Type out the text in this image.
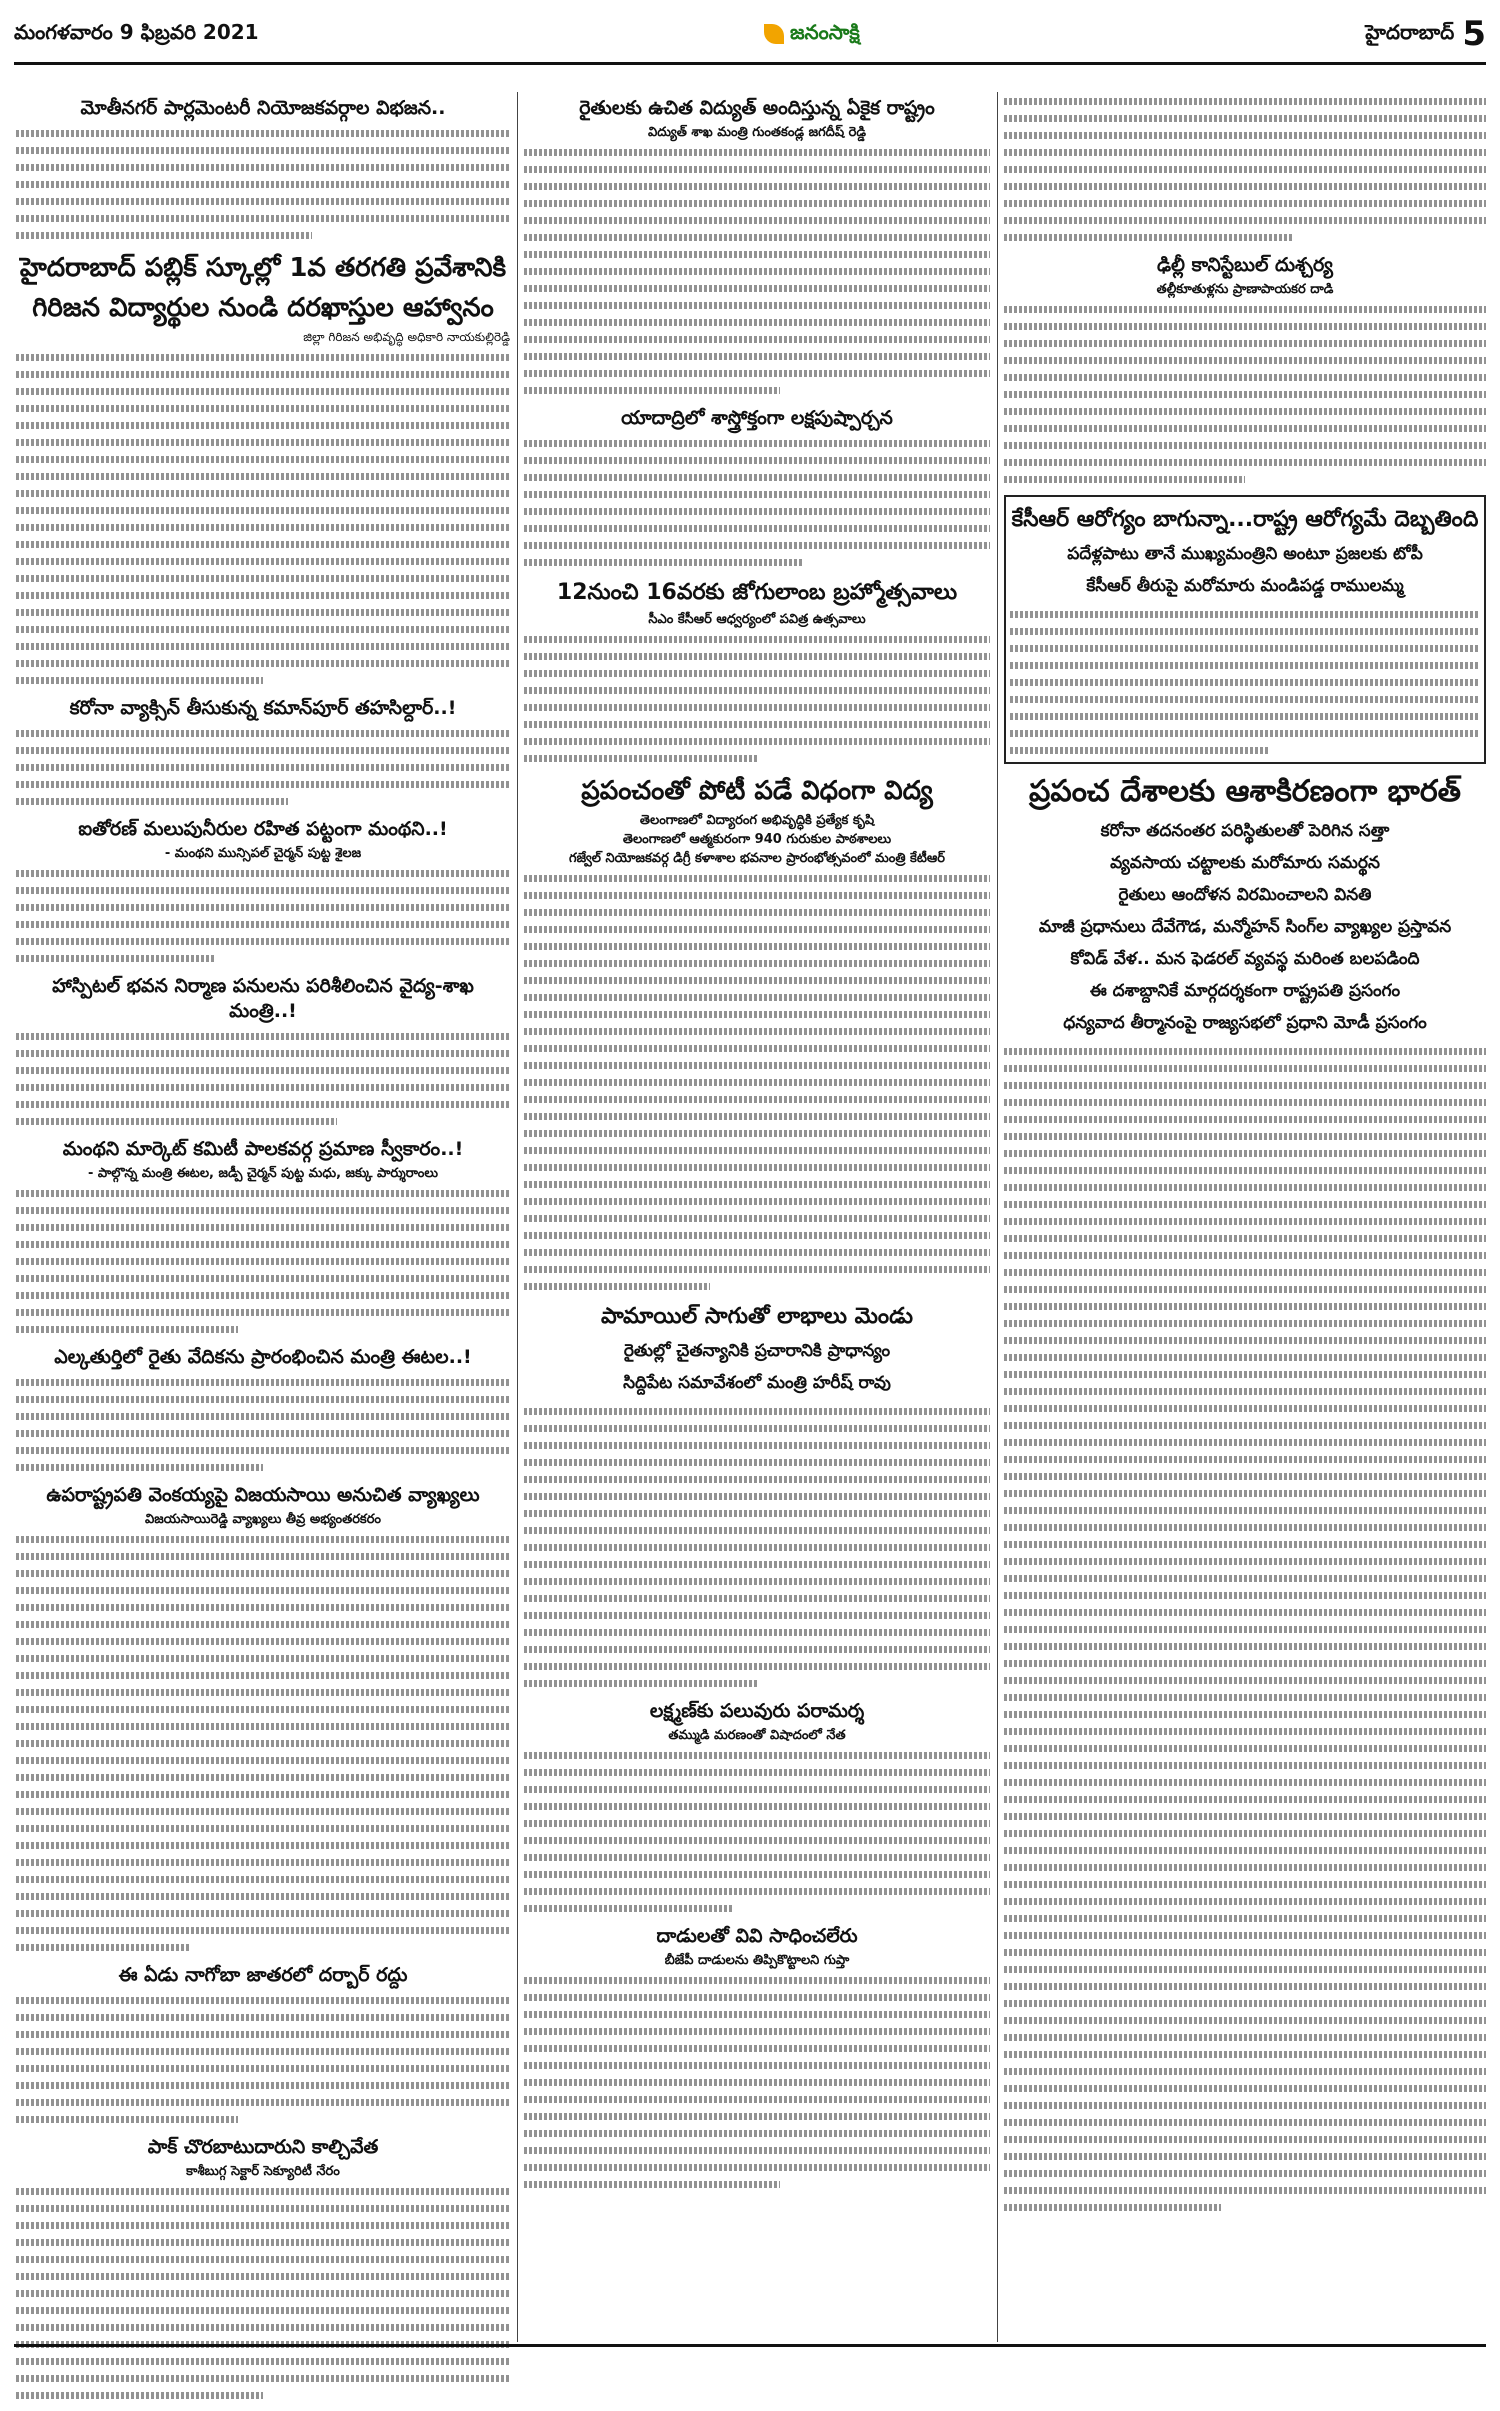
మంగళవారం 9 ఫిబ్రవరి 2021	జనంసాక్షి	హైదరాబాద్ 5
మోతీనగర్ పార్లమెంటరీ నియోజకవర్గాల విభజన..
హైదరాబాద్ పబ్లిక్ స్కూల్లో 1వ తరగతి ప్రవేశానికి
గిరిజన విద్యార్థుల నుండి దరఖాస్తుల ఆహ్వానం
జిల్లా గిరిజన అభివృద్ధి అధికారి నాయకుల్లిరెడ్డి
కరోనా వ్యాక్సిన్ తీసుకున్న కమాన్‌పూర్ తహసిల్దార్..!
ఐతోరణ్ మలుపునీరుల రహిత పట్టంగా మంథని..!
- మంథని మున్సిపల్ చైర్మన్ పుట్ట శైలజ
హాస్పిటల్ భవన నిర్మాణ పనులను పరిశీలించిన వైద్య-శాఖ మంత్రి..!
మంథని మార్కెట్ కమిటీ పాలకవర్గ ప్రమాణ స్వీకారం..!
- పాల్గొన్న మంత్రి ఈటల, జడ్పీ చైర్మన్ పుట్ట మధు, జక్కు పార్శురాంలు
ఎల్కతుర్తిలో రైతు వేదికను ప్రారంభించిన మంత్రి ఈటల..!
ఉపరాష్ట్రపతి వెంకయ్యపై విజయసాయి అనుచిత వ్యాఖ్యలు
విజయసాయిరెడ్డి వ్యాఖ్యలు తీవ్ర అభ్యంతరకరం
ఈ ఏడు నాగోబా జాతరలో దర్బార్ రద్దు
పాక్ చొరబాటుదారుని కాల్చివేత
కాశీబుగ్గ సెక్టార్ సెక్యూరిటీ నేరం
రైతులకు ఉచిత విద్యుత్ అందిస్తున్న ఏకైక రాష్ట్రం
విద్యుత్ శాఖ మంత్రి గుంతకండ్ల జగదీష్ రెడ్డి
యాదాద్రిలో శాస్త్రోక్తంగా లక్షపుష్పార్చన
12నుంచి 16వరకు జోగులాంబ బ్రహ్మోత్సవాలు
సీఎం కేసీఆర్ ఆధ్వర్యంలో పవిత్ర ఉత్సవాలు
ప్రపంచంతో పోటీ పడే విధంగా విద్య
తెలంగాణలో విద్యారంగ అభివృద్ధికి ప్రత్యేక కృషి
తెలంగాణలో ఆత్మకురంగా 940 గురుకుల పాఠశాలలు
గజ్వేల్ నియోజకవర్గ డిగ్రీ కళాశాల భవనాల ప్రారంభోత్సవంలో మంత్రి కేటీఆర్
పామాయిల్ సాగుతో లాభాలు మెండు
రైతుల్లో చైతన్యానికి ప్రచారానికి ప్రాధాన్యం
సిద్దిపేట సమావేశంలో మంత్రి హరీష్ రావు
లక్ష్మణ్‌కు పలువురు పరామర్శ
తమ్ముడి మరణంతో విషాదంలో నేత
దాడులతో వివి సాధించలేరు
బీజేపీ దాడులను తిప్పికొట్టాలని గుప్తా
ఢిల్లీ కానిస్టేబుల్ దుశ్చర్య
తల్లీకూతుళ్లను ప్రాణాపాయకర దాడి
కేసీఆర్ ఆరోగ్యం బాగున్నా...రాష్ట్ర ఆరోగ్యమే దెబ్బతింది
పదేళ్లపాటు తానే ముఖ్యమంత్రిని అంటూ ప్రజలకు టోపీ
కేసీఆర్ తీరుపై మరోమారు మండిపడ్డ రాములమ్మ
ప్రపంచ దేశాలకు ఆశాకిరణంగా భారత్
కరోనా తదనంతర పరిస్థితులతో పెరిగిన సత్తా
వ్యవసాయ చట్టాలకు మరోమారు సమర్థన
రైతులు ఆందోళన విరమించాలని వినతి
మాజీ ప్రధానులు దేవేగౌడ, మన్మోహన్ సింగ్‌ల వ్యాఖ్యల ప్రస్తావన
కోవిడ్ వేళ.. మన ఫెడరల్ వ్యవస్థ మరింత బలపడింది
ఈ దశాబ్దానికే మార్గదర్శకంగా రాష్ట్రపతి ప్రసంగం
ధన్యవాద తీర్మానంపై రాజ్యసభలో ప్రధాని మోడీ ప్రసంగం
